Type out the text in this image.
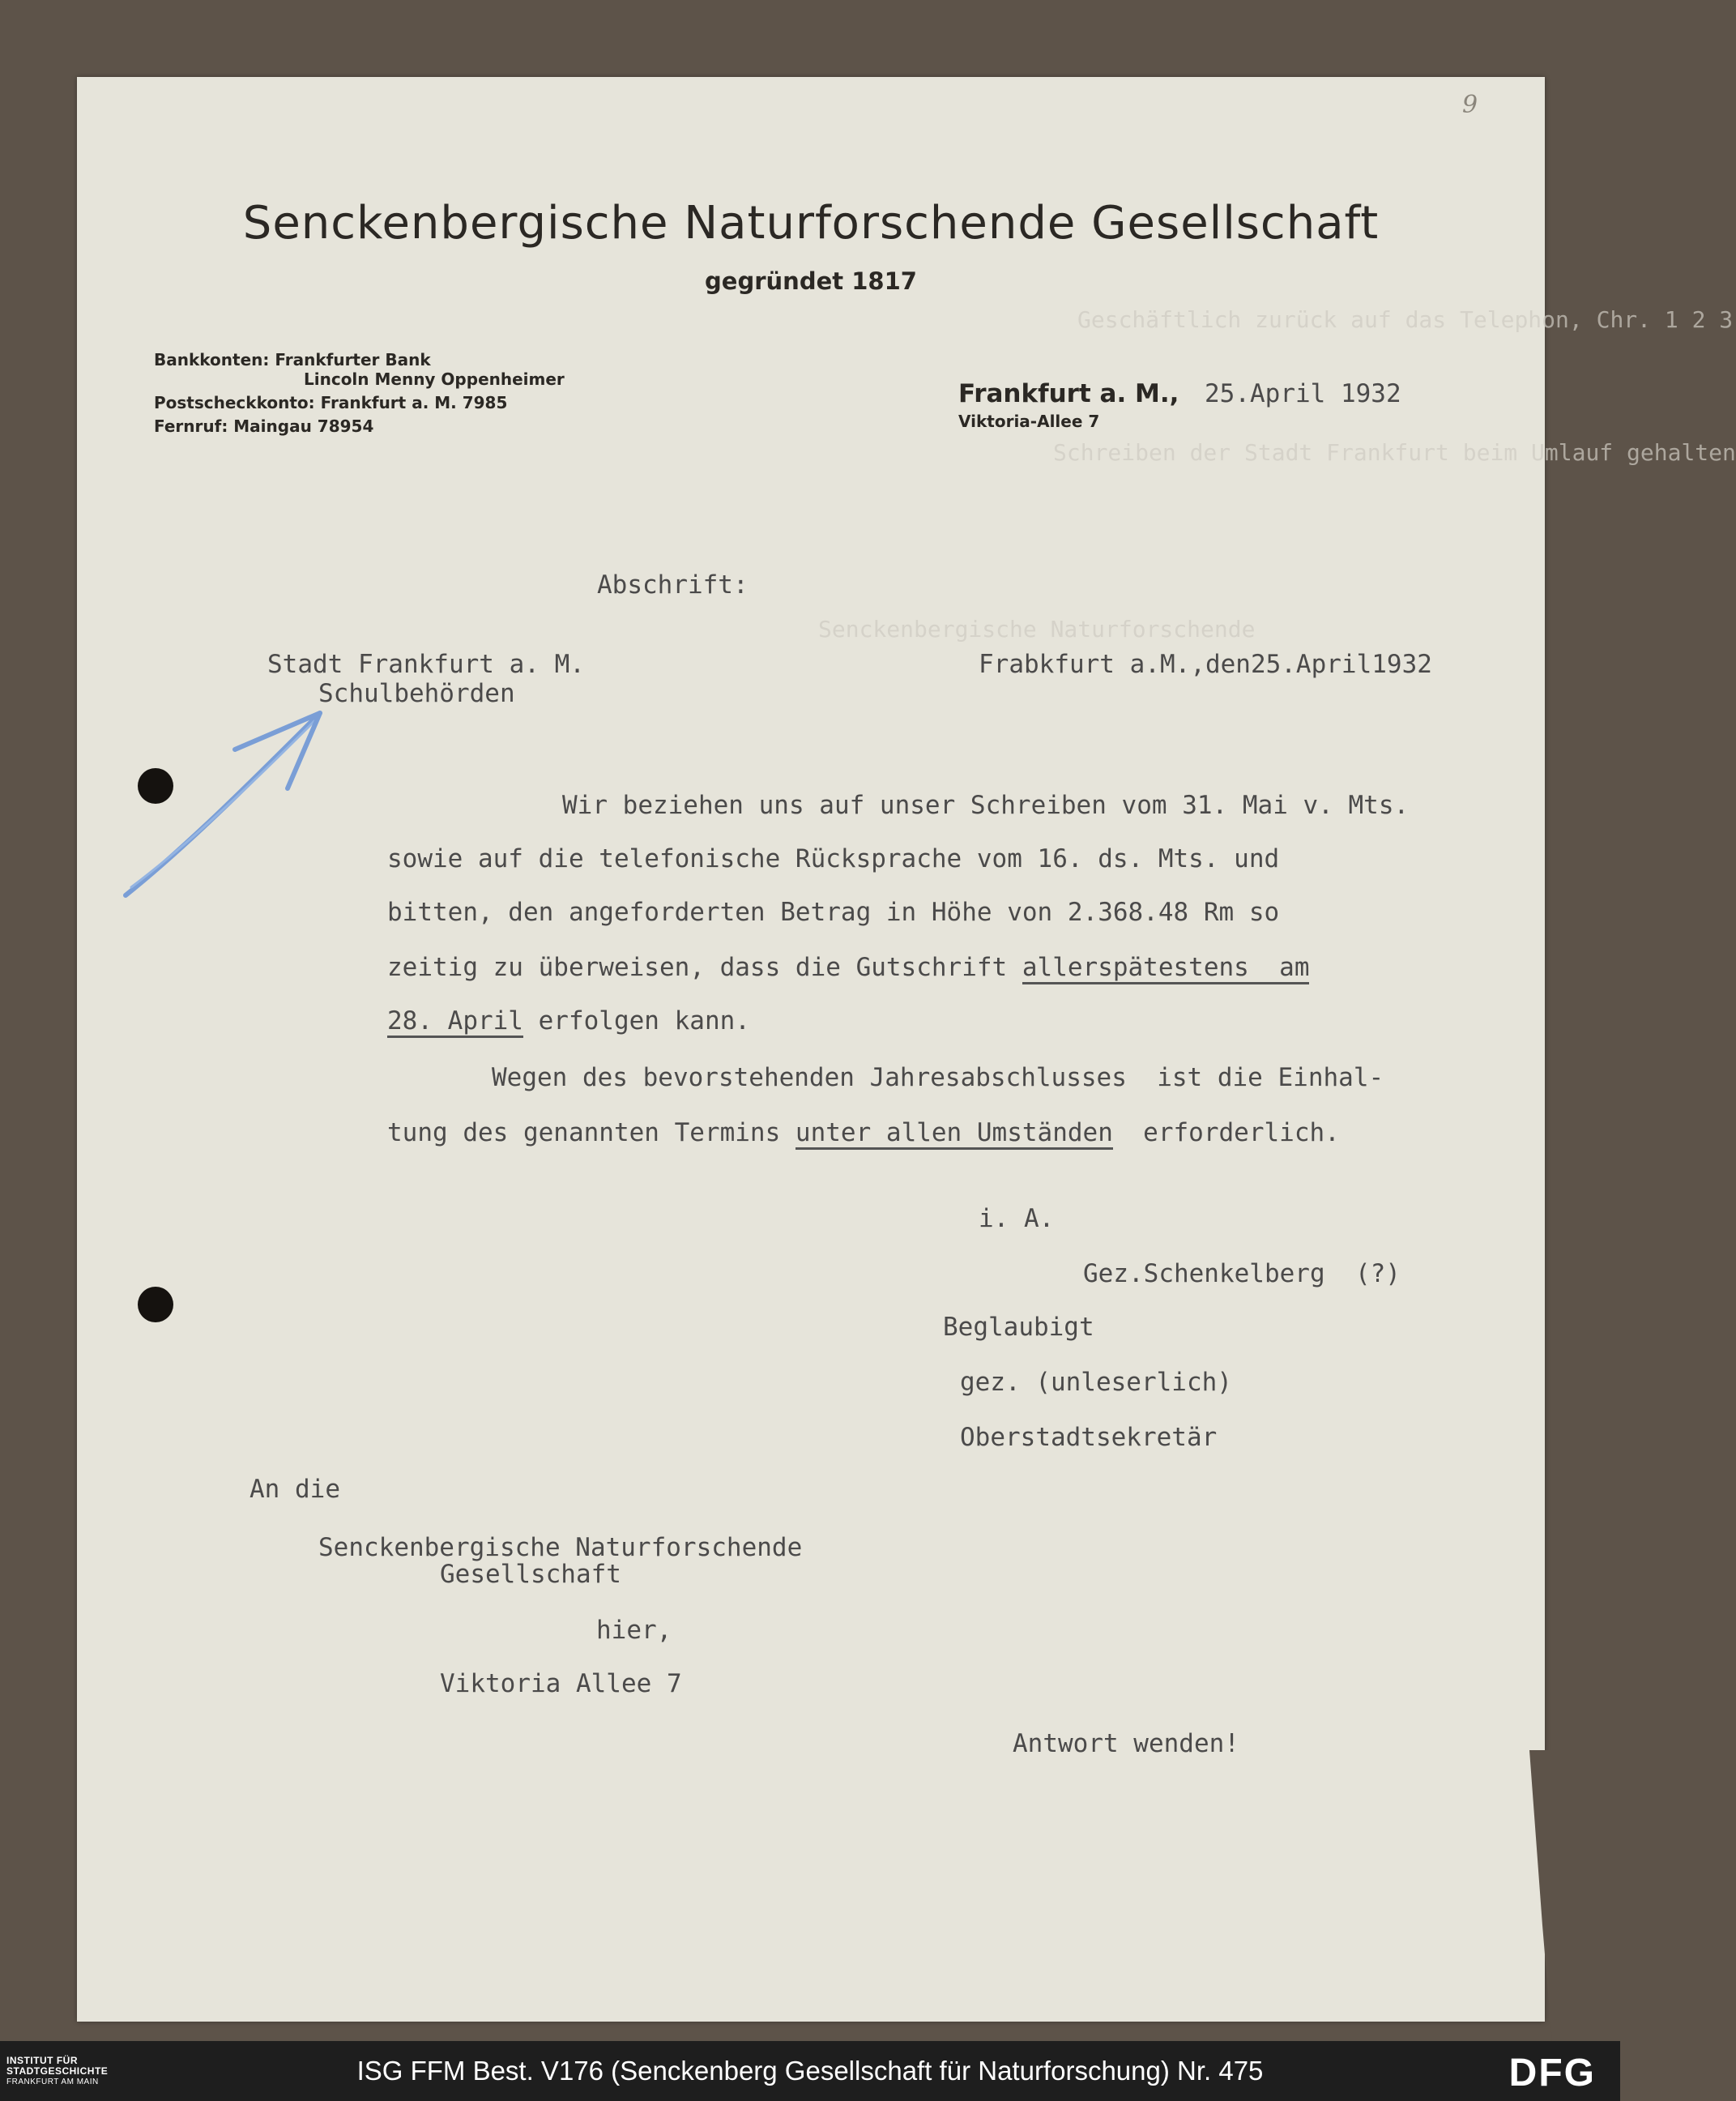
9
Geschäftlich zurück auf das Telephon, Chr. 1 2 3
Schreiben der Stadt Frankfurt beim Umlauf gehalten
Senckenbergische Naturforschende
Senckenbergische Naturforschende Gesellschaft
gegründet 1817
Bankkonten: Frankfurter Bank
Lincoln Menny Oppenheimer
Postscheckkonto: Frankfurt a. M. 7985
Fernruf: Maingau 78954
Frankfurt a. M.,
Viktoria-Allee 7
25.April 1932
Abschrift:
Stadt Frankfurt a. M.
Schulbehörden
Frabkfurt a.M.,den25.April1932
Wir beziehen uns auf unser Schreiben vom 31. Mai v. Mts.
sowie auf die telefonische Rücksprache vom 16. ds. Mts. und
bitten, den angeforderten Betrag in Höhe von 2.368.48 Rm so
zeitig zu überweisen, dass die Gutschrift allerspätestens  am
28. April erfolgen kann.
Wegen des bevorstehenden Jahresabschlusses  ist die Einhal-
tung des genannten Termins unter allen Umständen  erforderlich.
i. A.
Gez.Schenkelberg  (?)
Beglaubigt
gez. (unleserlich)
Oberstadtsekretär
An die
Senckenbergische Naturforschende
Gesellschaft
hier,
Viktoria Allee 7
Antwort wenden!
INSTITUT FÜR
STADTGESCHICHTE
FRANKFURT AM MAIN	ISG FFM Best. V176 (Senckenberg Gesellschaft für Naturforschung) Nr. 475	DFG
